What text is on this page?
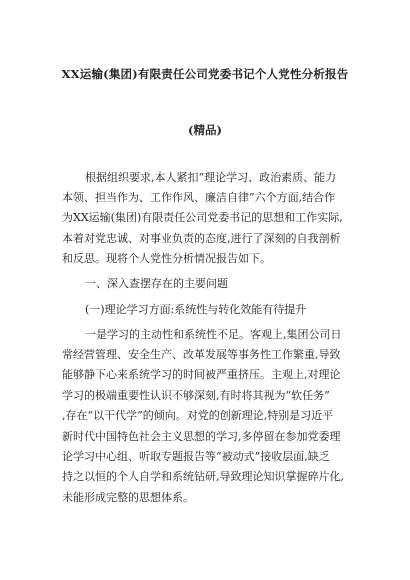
XX运输(集团)有限责任公司党委书记个人党性分析报告
(精品)
根据组织要求,本人紧扣“理论学习、政治素质、能力
本领、担当作为、工作作风、廉洁自律”六个方面,结合作
为XX运输(集团)有限责任公司党委书记的思想和工作实际,
本着对党忠诚、对事业负责的态度,进行了深刻的自我剖析
和反思。现将个人党性分析情况报告如下。
一、深入查摆存在的主要问题
(一)理论学习方面:系统性与转化效能有待提升
一是学习的主动性和系统性不足。客观上,集团公司日
常经营管理、安全生产、改革发展等事务性工作繁重,导致
能够静下心来系统学习的时间被严重挤压。主观上,对理论
学习的极端重要性认识不够深刻,有时将其视为“软任务”
,存在“以干代学”的倾向。对党的创新理论,特别是习近平
新时代中国特色社会主义思想的学习,多停留在参加党委理
论学习中心组、听取专题报告等“被动式”接收层面,缺乏
持之以恒的个人自学和系统钻研,导致理论知识掌握碎片化,
未能形成完整的思想体系。
